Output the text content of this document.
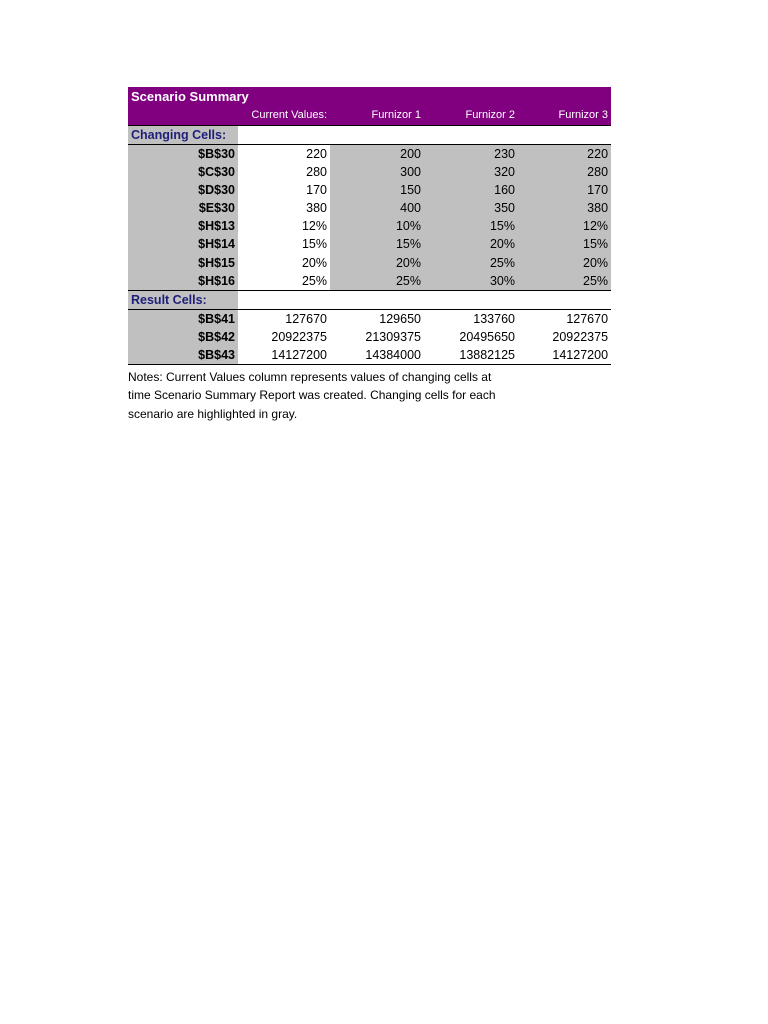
Scenario Summary				
	Current Values:	Furnizor 1	Furnizor 2	Furnizor 3
Changing Cells:				
$B$30	220	200	230	220
$C$30	280	300	320	280
$D$30	170	150	160	170
$E$30	380	400	350	380
$H$13	12%	10%	15%	12%
$H$14	15%	15%	20%	15%
$H$15	20%	20%	25%	20%
$H$16	25%	25%	30%	25%
Result Cells:				
$B$41	127670	129650	133760	127670
$B$42	20922375	21309375	20495650	20922375
$B$43	14127200	14384000	13882125	14127200
Notes: Current Values column represents values of changing cells at
time Scenario Summary Report was created. Changing cells for each
scenario are highlighted in gray.
